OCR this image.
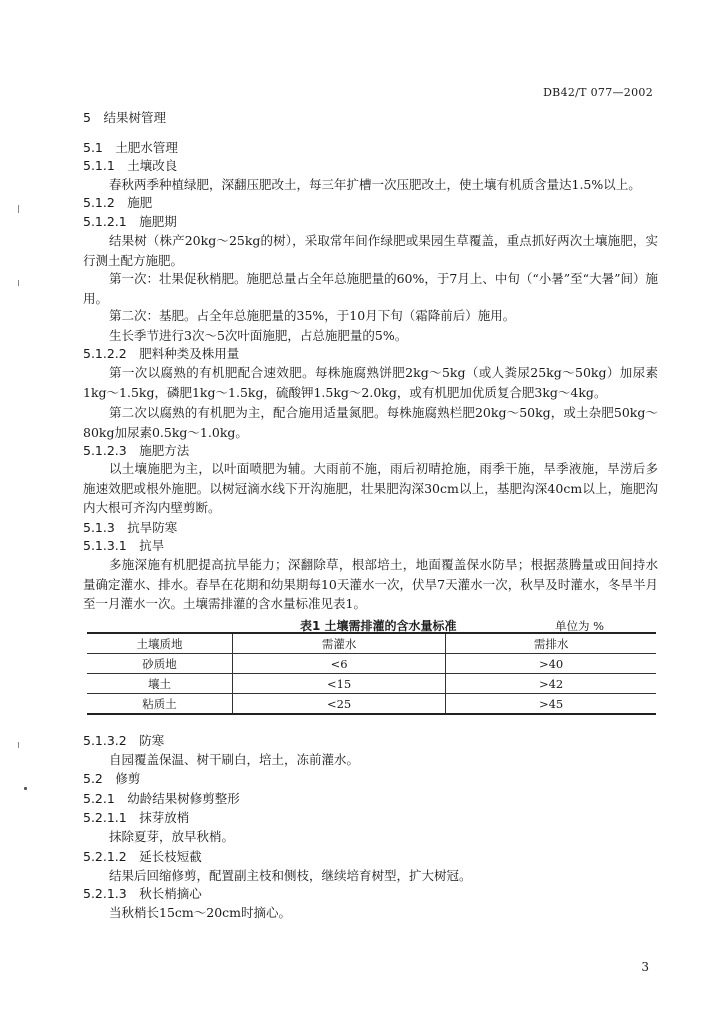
DB42/T 077—2002
5　结果树管理
5.1　土肥水管理
5.1.1　土壤改良
春秋两季种植绿肥，深翻压肥改土，每三年扩槽一次压肥改土，使土壤有机质含量达1.5%以上。
5.1.2　施肥
5.1.2.1　施肥期
结果树（株产20kg～25kg的树），采取常年间作绿肥或果园生草覆盖，重点抓好两次土壤施肥，实行测土配方施肥。
第一次：壮果促秋梢肥。施肥总量占全年总施肥量的60%，于7月上、中旬（“小暑”至“大暑”间）施用。
第二次：基肥。占全年总施肥量的35%，于10月下旬（霜降前后）施用。
生长季节进行3次～5次叶面施肥，占总施肥量的5%。
5.1.2.2　肥料种类及株用量
第一次以腐熟的有机肥配合速效肥。每株施腐熟饼肥2kg～5kg（或人粪尿25kg～50kg）加尿素1kg～1.5kg，磷肥1kg～1.5kg，硫酸钾1.5kg～2.0kg，或有机肥加优质复合肥3kg～4kg。
第二次以腐熟的有机肥为主，配合施用适量氮肥。每株施腐熟栏肥20kg～50kg，或土杂肥50kg～80kg加尿素0.5kg～1.0kg。
5.1.2.3　施肥方法
以土壤施肥为主，以叶面喷肥为辅。大雨前不施，雨后初晴抢施，雨季干施，旱季液施，旱涝后多施速效肥或根外施肥。以树冠滴水线下开沟施肥，壮果肥沟深30cm以上，基肥沟深40cm以上，施肥沟内大根可齐沟内壁剪断。
5.1.3　抗旱防寒
5.1.3.1　抗旱
多施深施有机肥提高抗旱能力；深翻除草，根部培土，地面覆盖保水防旱；根据蒸腾量或田间持水量确定灌水、排水。春旱在花期和幼果期每10天灌水一次，伏旱7天灌水一次，秋旱及时灌水，冬旱半月至一月灌水一次。土壤需排灌的含水量标准见表1。
表1 土壤需排灌的含水量标准	单位为 %
土壤质地	需灌水	需排水
砂质地	<6	>40
壤土	<15	>42
粘质土	<25	>45
5.1.3.2　防寒
自园覆盖保温、树干刷白，培土，冻前灌水。
5.2　修剪
5.2.1　幼龄结果树修剪整形
5.2.1.1　抹芽放梢
抹除夏芽，放早秋梢。
5.2.1.2　延长枝短截
结果后回缩修剪，配置副主枝和侧枝，继续培育树型，扩大树冠。
5.2.1.3　秋长梢摘心
当秋梢长15cm～20cm时摘心。
3
